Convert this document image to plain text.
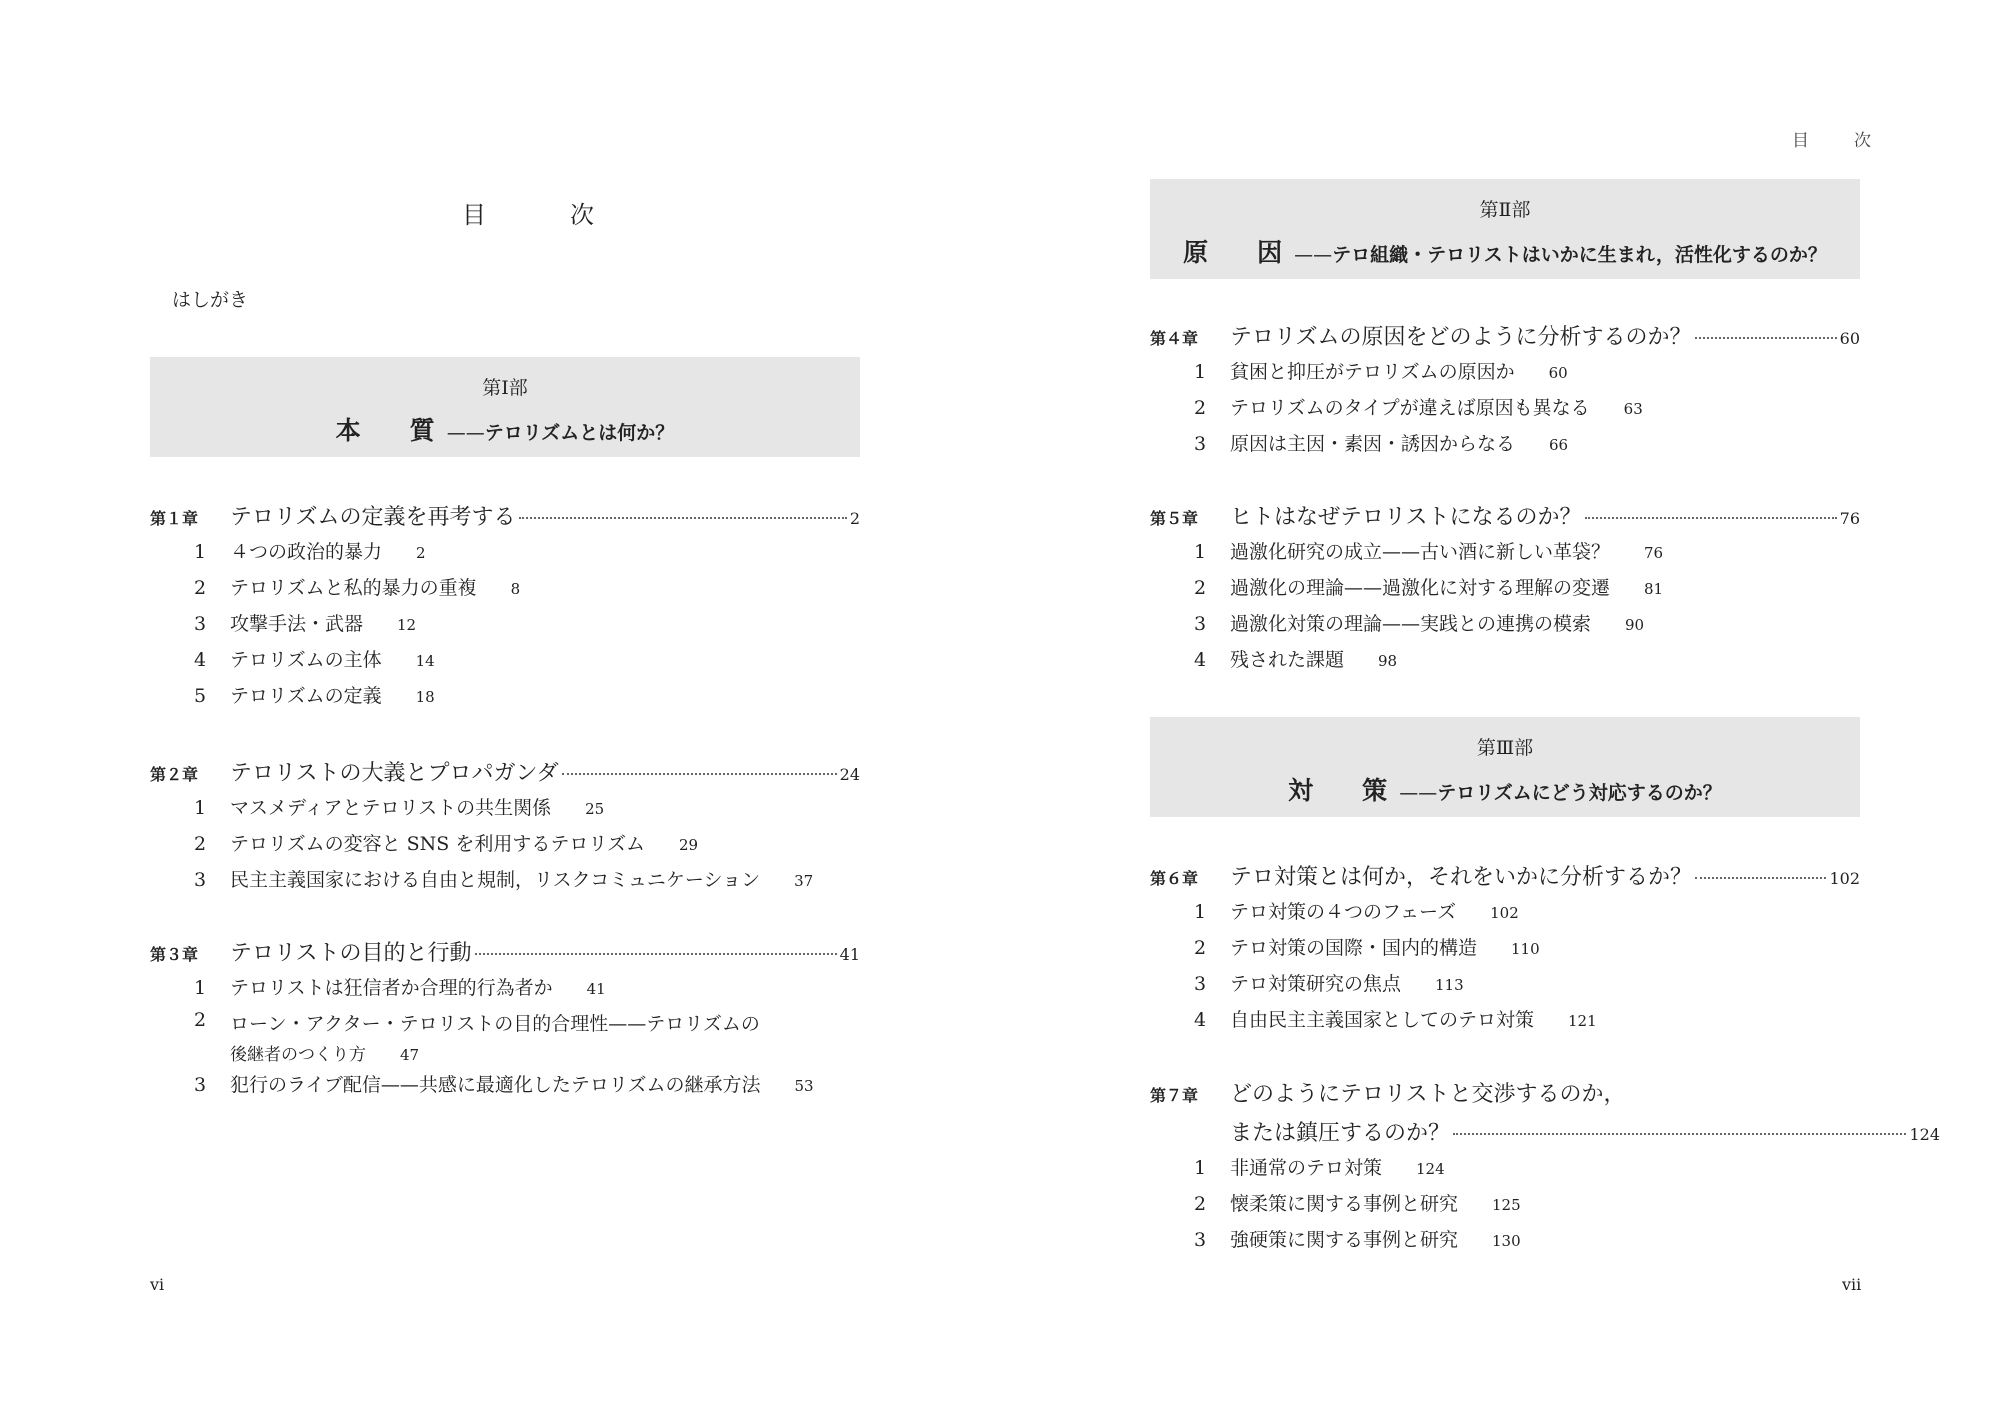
目　次
はしがき
第Ⅰ部
本　質——テロリズムとは何か？
第１章	テロリズムの定義を再考する	2
1	４つの政治的暴力 2
2	テロリズムと私的暴力の重複 8
3	攻撃手法・武器 12
4	テロリズムの主体 14
5	テロリズムの定義 18
第２章	テロリストの大義とプロパガンダ	24
1	マスメディアとテロリストの共生関係 25
2	テロリズムの変容と SNS を利用するテロリズム 29
3	民主主義国家における自由と規制，リスクコミュニケーション 37
第３章	テロリストの目的と行動	41
1	テロリストは狂信者か合理的行為者か 41
2	ローン・アクター・テロリストの目的合理性——テロリズムの
後継者のつくり方 47
3	犯行のライブ配信——共感に最適化したテロリズムの継承方法 53
vi
目　次
第Ⅱ部
原　因——テロ組織・テロリストはいかに生まれ，活性化するのか？
第４章	テロリズムの原因をどのように分析するのか？	60
1	貧困と抑圧がテロリズムの原因か 60
2	テロリズムのタイプが違えば原因も異なる 63
3	原因は主因・素因・誘因からなる 66
第５章	ヒトはなぜテロリストになるのか？	76
1	過激化研究の成立——古い酒に新しい革袋？ 76
2	過激化の理論——過激化に対する理解の変遷 81
3	過激化対策の理論——実践との連携の模索 90
4	残された課題 98
第Ⅲ部
対　策——テロリズムにどう対応するのか？
第６章	テロ対策とは何か，それをいかに分析するか？	102
1	テロ対策の４つのフェーズ 102
2	テロ対策の国際・国内的構造 110
3	テロ対策研究の焦点 113
4	自由民主主義国家としてのテロ対策 121
第７章	どのようにテロリストと交渉するのか，
または鎮圧するのか？	124
1	非通常のテロ対策 124
2	懐柔策に関する事例と研究 125
3	強硬策に関する事例と研究 130
vii
